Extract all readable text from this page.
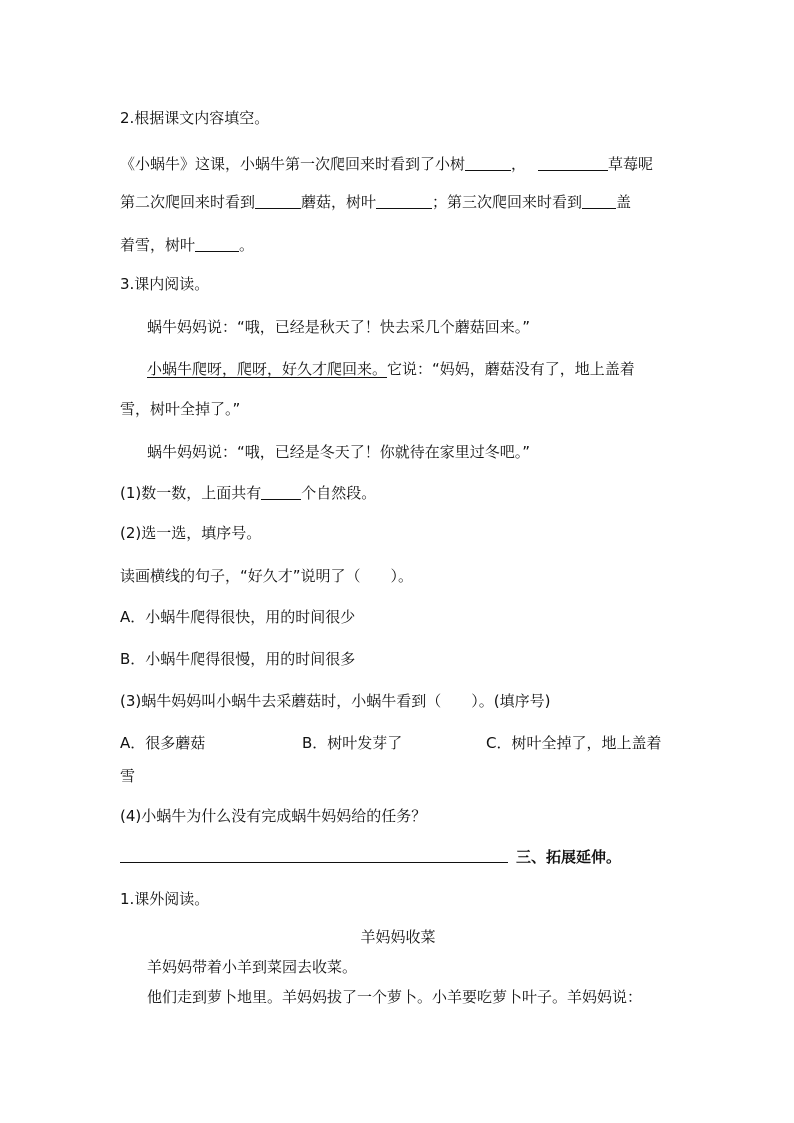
2.根据课文内容填空。
《小蜗牛》这课，小蜗牛第一次爬回来时看到了小树	，	草莓呢
第二次爬回来时看到	蘑菇，树叶	；第三次爬回来时看到 盖
着雪，树叶	。
3.课内阅读。
蜗牛妈妈说：“哦，已经是秋天了！快去采几个蘑菇回来。”
小蜗牛爬呀，爬呀，好久才爬回来。它说：“妈妈，蘑菇没有了，地上盖着
雪，树叶全掉了。”
蜗牛妈妈说：“哦，已经是冬天了！你就待在家里过冬吧。”
(1)数一数，上面共有	个自然段。
(2)选一选，填序号。
读画横线的句子，“好久才”说明了（　　）。
A．小蜗牛爬得很快，用的时间很少
B．小蜗牛爬得很慢，用的时间很多
(3)蜗牛妈妈叫小蜗牛去采蘑菇时，小蜗牛看到（　　）。(填序号)
A．很多蘑菇	B．树叶发芽了	C．树叶全掉了，地上盖着
雪
(4)小蜗牛为什么没有完成蜗牛妈妈给的任务？
三、拓展延伸。
1.课外阅读。
羊妈妈收菜
羊妈妈带着小羊到菜园去收菜。
他们走到萝卜地里。羊妈妈拔了一个萝卜。小羊要吃萝卜叶子。羊妈妈说：
